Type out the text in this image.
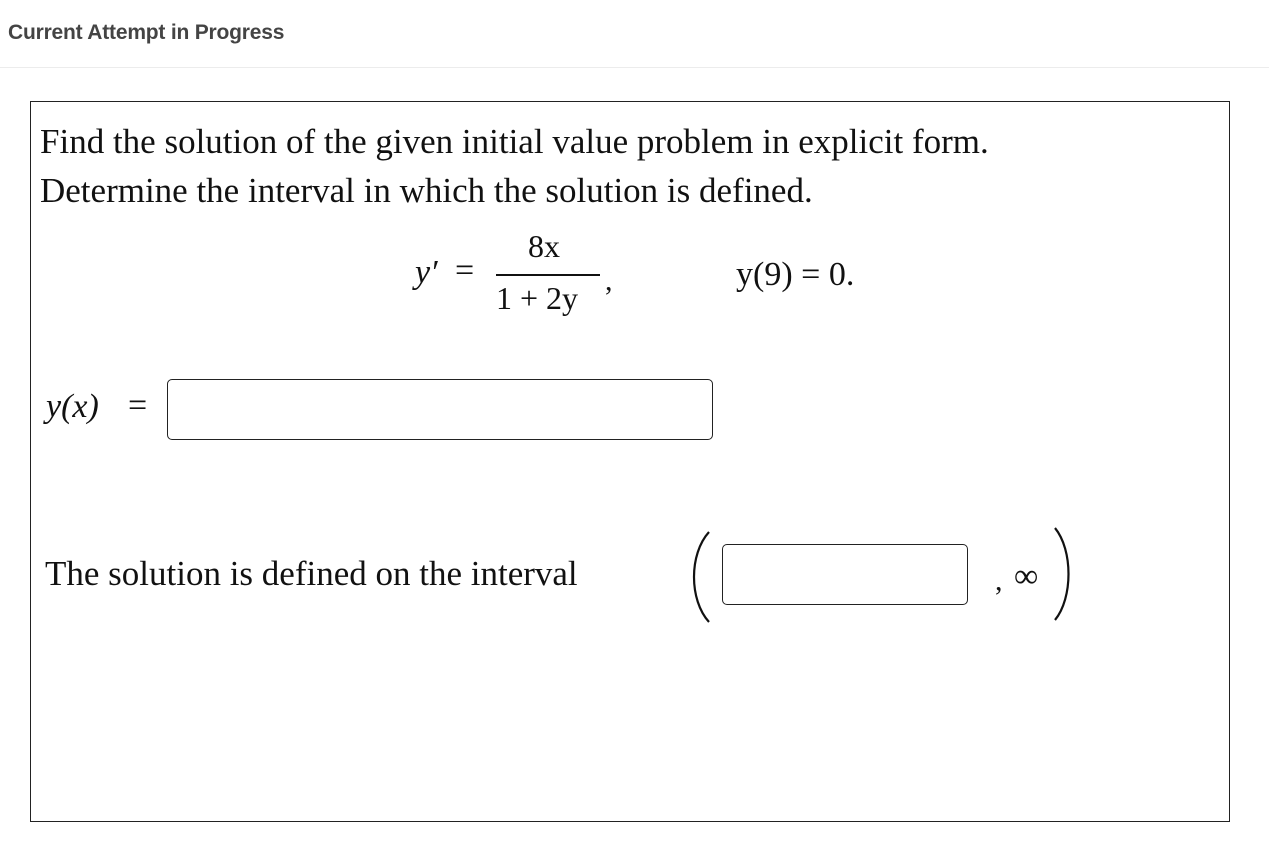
Current Attempt in Progress
Find the solution of the given initial value problem in explicit form.
Determine the interval in which the solution is defined.
y′ =
8x
1 + 2y ,	y(9) = 0.
y(x) =
The solution is defined on the interval	, ∞
